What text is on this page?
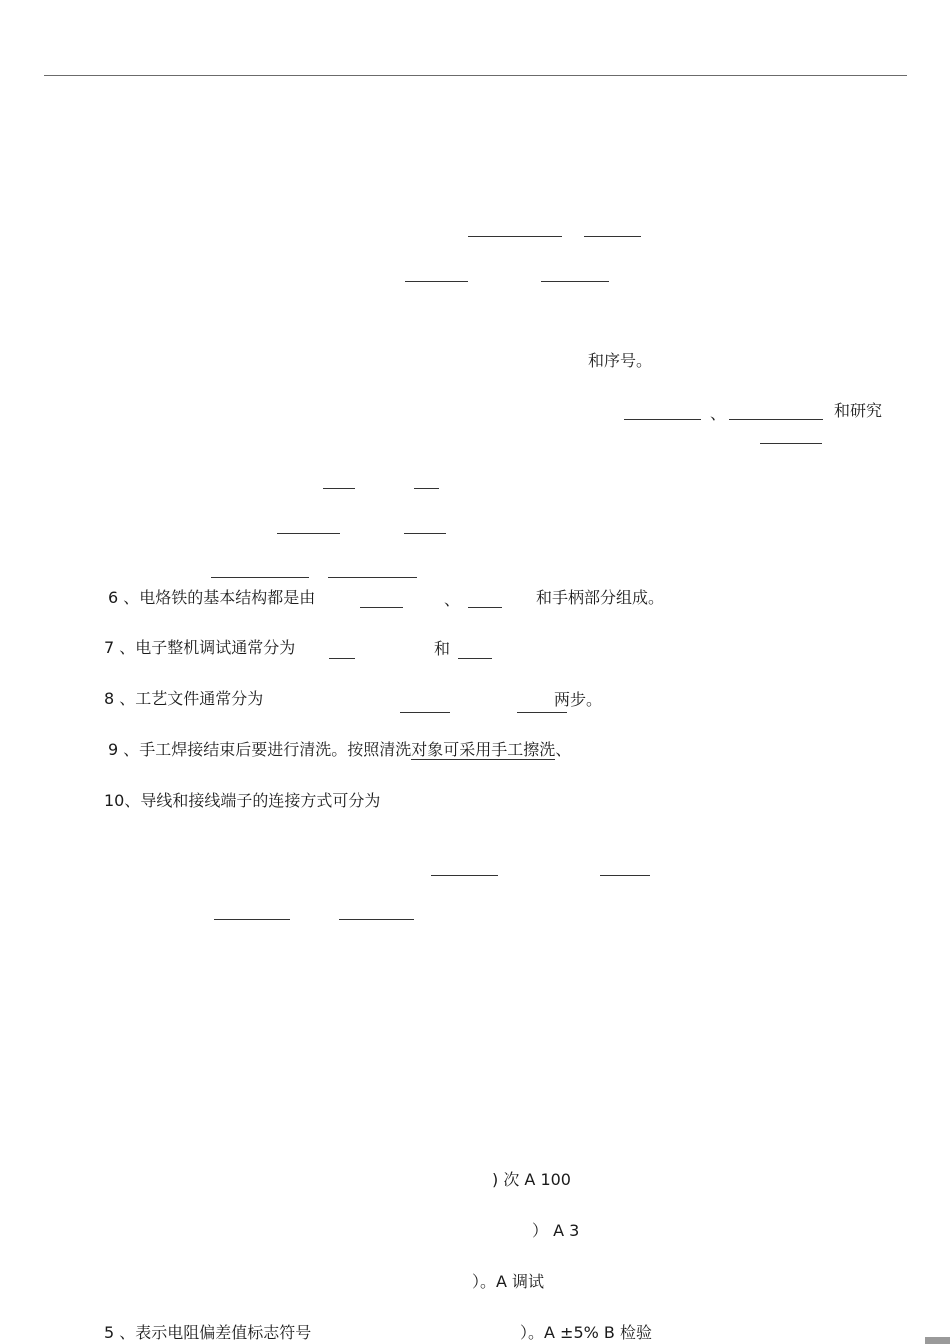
和序号。
、	和研究
6 、电烙铁的基本结构都是由	、	和手柄部分组成。
7 、电子整机调试通常分为	和
8 、工艺文件通常分为	两步。
9 、手工焊接结束后要进行清洗。按照清洗对象可采用手工擦洗、
10、导线和接线端子的连接方式可分为
) 次 A 100
） A 3
）。A 调试
5 、表示电阻偏差值标志符号	）。A ±5% B 检验
